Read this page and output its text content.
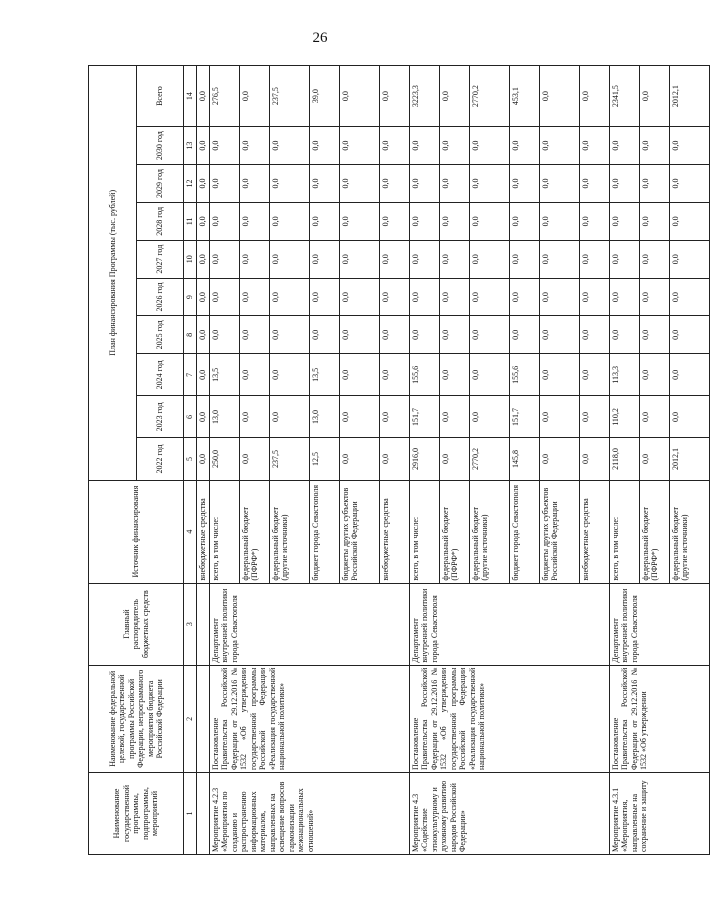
26
Наименование государственной программы, подпрограммы, мероприятий	Наименование федеральной целевой, государственной программы Российской Федерации, непрограммного мероприятия бюджета Российской Федерации	Главный распорядитель бюджетных средств	Источник финансирования	План финансирования Программы (тыс. рублей)									
				2022 год	2023 год	2024 год	2025 год	2026 год	2027 год	2028 год	2029 год	2030 год	Всего
1	2	3	4	5	6	7	8	9	10	11	12	13	14
			внебюджетные средства	0,0	0,0	0,0	0,0	0,0	0,0	0,0	0,0	0,0	0,0
Мероприятие 4.2.3 «Мероприятия по созданию и распространению информационных материалов, направленных на освещение вопросов гармонизации межнациональных отношений»	Постановление Правительства Российской Федерации от 29.12.2016 № 1532 «Об утверждении государственной программы Российской Федерации «Реализация государственной национальной политики»	Департамент внутренней политики города Севастополя	всего, в том числе:	250,0	13,0	13,5	0,0	0,0	0,0	0,0	0,0	0,0	276,5
			федеральный бюджет (ПФРФ*)	0,0	0,0	0,0	0,0	0,0	0,0	0,0	0,0	0,0	0,0
			федеральный бюджет (другие источники)	237,5	0,0	0,0	0,0	0,0	0,0	0,0	0,0	0,0	237,5
			бюджет города Севастополя	12,5	13,0	13,5	0,0	0,0	0,0	0,0	0,0	0,0	39,0
			бюджеты других субъектов Российской Федерации	0,0	0,0	0,0	0,0	0,0	0,0	0,0	0,0	0,0	0,0
			внебюджетные средства	0,0	0,0	0,0	0,0	0,0	0,0	0,0	0,0	0,0	0,0
Мероприятие 4.3 «Содействие этнокультурному и духовному развитию народов Российской Федерации»	Постановление Правительства Российской Федерации от 29.12.2016 № 1532 «Об утверждении государственной программы Российской Федерации «Реализация государственной национальной политики»	Департамент внутренней политики города Севастополя	всего, в том числе:	2916,0	151,7	155,6	0,0	0,0	0,0	0,0	0,0	0,0	3223,3
			федеральный бюджет (ПФРФ*)	0,0	0,0	0,0	0,0	0,0	0,0	0,0	0,0	0,0	0,0
			федеральный бюджет (другие источники)	2770,2	0,0	0,0	0,0	0,0	0,0	0,0	0,0	0,0	2770,2
			бюджет города Севастополя	145,8	151,7	155,6	0,0	0,0	0,0	0,0	0,0	0,0	453,1
			бюджеты других субъектов Российской Федерации	0,0	0,0	0,0	0,0	0,0	0,0	0,0	0,0	0,0	0,0
			внебюджетные средства	0,0	0,0	0,0	0,0	0,0	0,0	0,0	0,0	0,0	0,0
Мероприятие 4.3.1 «Мероприятия, направленные на сохранение и защиту	Постановление Правительства Российской Федерации от 29.12.2016 № 1532 «Об утверждении	Департамент внутренней политики города Севастополя	всего, в том числе:	2118,0	110,2	113,3	0,0	0,0	0,0	0,0	0,0	0,0	2341,5
			федеральный бюджет (ПФРФ*)	0,0	0,0	0,0	0,0	0,0	0,0	0,0	0,0	0,0	0,0
			федеральный бюджет (другие источники)	2012,1	0,0	0,0	0,0	0,0	0,0	0,0	0,0	0,0	2012,1
